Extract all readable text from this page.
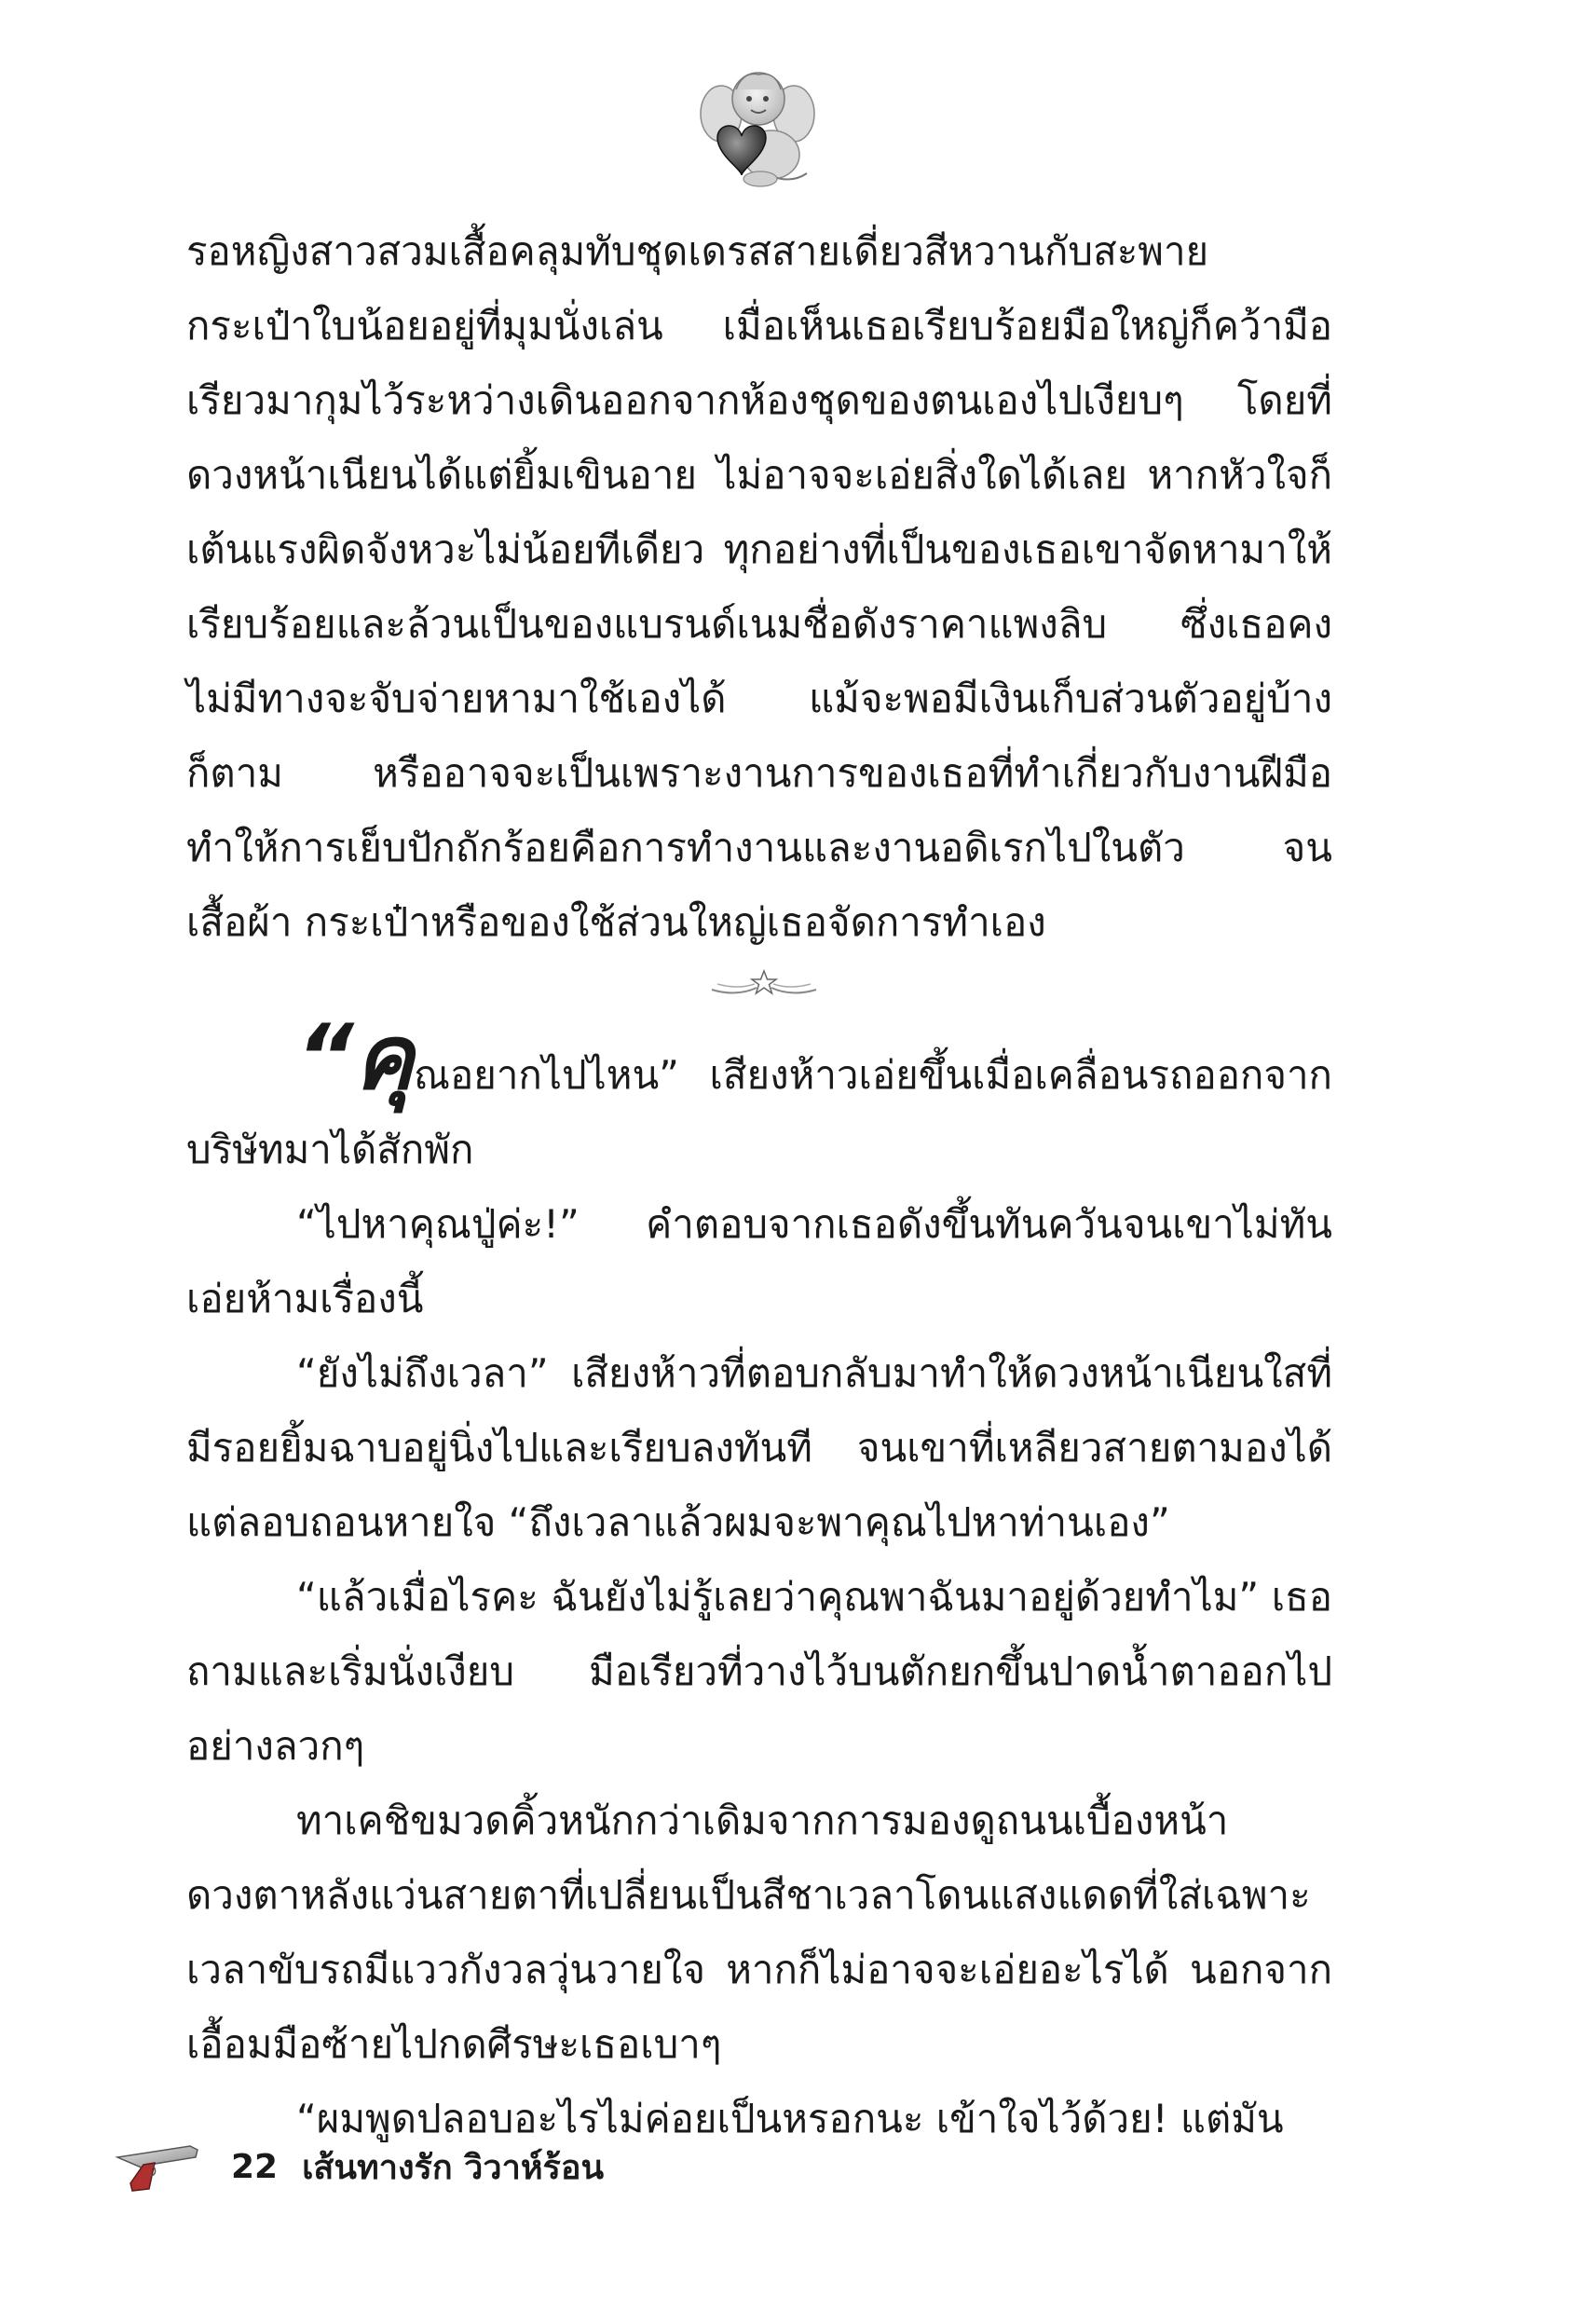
รอหญิงสาวสวมเสื้อคลุมทับชุดเดรสสายเดี่ยวสีหวานกับสะพายกระเป๋าใบน้อยอยู่ที่มุมนั่งเล่น เมื่อเห็นเธอเรียบร้อยมือใหญ่ก็คว้ามือเรียวมากุมไว้ระหว่างเดินออกจากห้องชุดของตนเองไปเงียบๆ โดยที่ดวงหน้าเนียนได้แต่ยิ้มเขินอาย ไม่อาจจะเอ่ยสิ่งใดได้เลย หากหัวใจก็เต้นแรงผิดจังหวะไม่น้อยทีเดียว ทุกอย่างที่เป็นของเธอเขาจัดหามาให้เรียบร้อยและล้วนเป็นของแบรนด์เนมชื่อดังราคาแพงลิบ ซึ่งเธอคงไม่มีทางจะจับจ่ายหามาใช้เองได้ แม้จะพอมีเงินเก็บส่วนตัวอยู่บ้างก็ตาม หรืออาจจะเป็นเพราะงานการของเธอที่ทำเกี่ยวกับงานฝีมือ ทำให้การเย็บปักถักร้อยคือการทำงานและงานอดิเรกไปในตัว จนเสื้อผ้า กระเป๋าหรือของใช้ส่วนใหญ่เธอจัดการทำเอง

“คุณอยากไปไหน” เสียงห้าวเอ่ยขึ้นเมื่อเคลื่อนรถออกจากบริษัทมาได้สักพัก

“ไปหาคุณปู่ค่ะ!” คำตอบจากเธอดังขึ้นทันควันจนเขาไม่ทันเอ่ยห้ามเรื่องนี้

“ยังไม่ถึงเวลา” เสียงห้าวที่ตอบกลับมาทำให้ดวงหน้าเนียนใสที่มีรอยยิ้มฉาบอยู่นิ่งไปและเรียบลงทันที จนเขาที่เหลียวสายตามองได้แต่ลอบถอนหายใจ “ถึงเวลาแล้วผมจะพาคุณไปหาท่านเอง”

“แล้วเมื่อไรคะ ฉันยังไม่รู้เลยว่าคุณพาฉันมาอยู่ด้วยทำไม” เธอถามและเริ่มนั่งเงียบ มือเรียวที่วางไว้บนตักยกขึ้นปาดน้ำตาออกไปอย่างลวกๆ

ทาเคชิขมวดคิ้วหนักกว่าเดิมจากการมองดูถนนเบื้องหน้า ดวงตาหลังแว่นสายตาที่เปลี่ยนเป็นสีชาเวลาโดนแสงแดดที่ใส่เฉพาะเวลาขับรถมีแววกังวลวุ่นวายใจ หากก็ไม่อาจจะเอ่ยอะไรได้ นอกจากเอื้อมมือซ้ายไปกดศีรษะเธอเบาๆ

“ผมพูดปลอบอะไรไม่ค่อยเป็นหรอกนะ เข้าใจไว้ด้วย! แต่มัน

22 เส้นทางรัก วิวาห์ร้อน
